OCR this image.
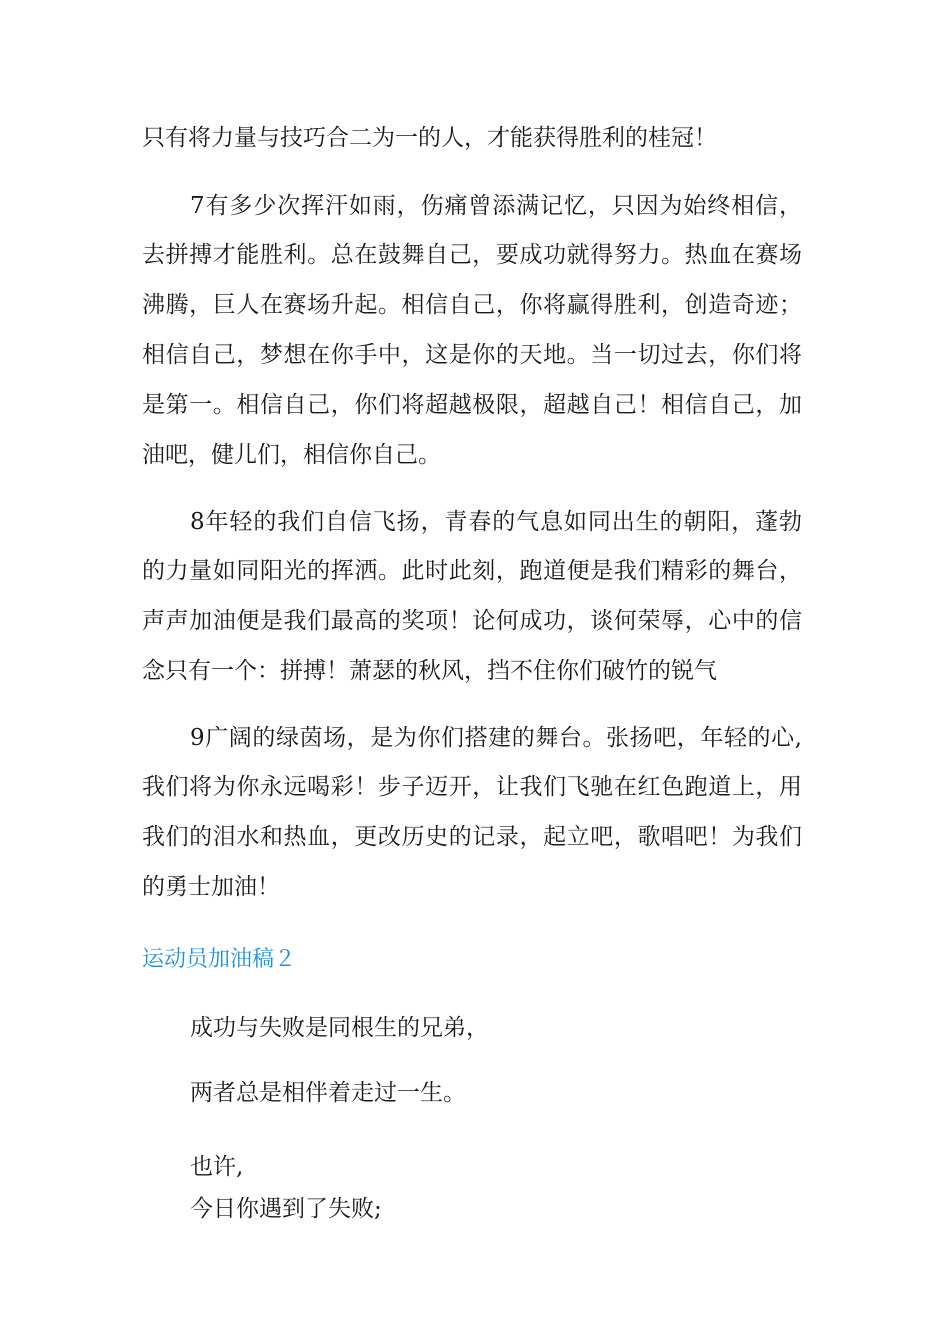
只有将力量与技巧合二为一的人，才能获得胜利的桂冠！
7有多少次挥汗如雨，伤痛曾添满记忆，只因为始终相信，
去拼搏才能胜利。总在鼓舞自己，要成功就得努力。热血在赛场
沸腾，巨人在赛场升起。相信自己，你将赢得胜利，创造奇迹；
相信自己，梦想在你手中，这是你的天地。当一切过去，你们将
是第一。相信自己，你们将超越极限，超越自己！相信自己，加
油吧，健儿们，相信你自己。
8年轻的我们自信飞扬，青春的气息如同出生的朝阳，蓬勃
的力量如同阳光的挥洒。此时此刻，跑道便是我们精彩的舞台，
声声加油便是我们最高的奖项！论何成功，谈何荣辱，心中的信
念只有一个：拼搏！萧瑟的秋风，挡不住你们破竹的锐气
9广阔的绿茵场，是为你们搭建的舞台。张扬吧，年轻的心,
我们将为你永远喝彩！步子迈开，让我们飞驰在红色跑道上，用
我们的泪水和热血，更改历史的记录，起立吧，歌唱吧！为我们
的勇士加油！
运动员加油稿２
成功与失败是同根生的兄弟，
两者总是相伴着走过一生。
也许,
今日你遇到了失败;
